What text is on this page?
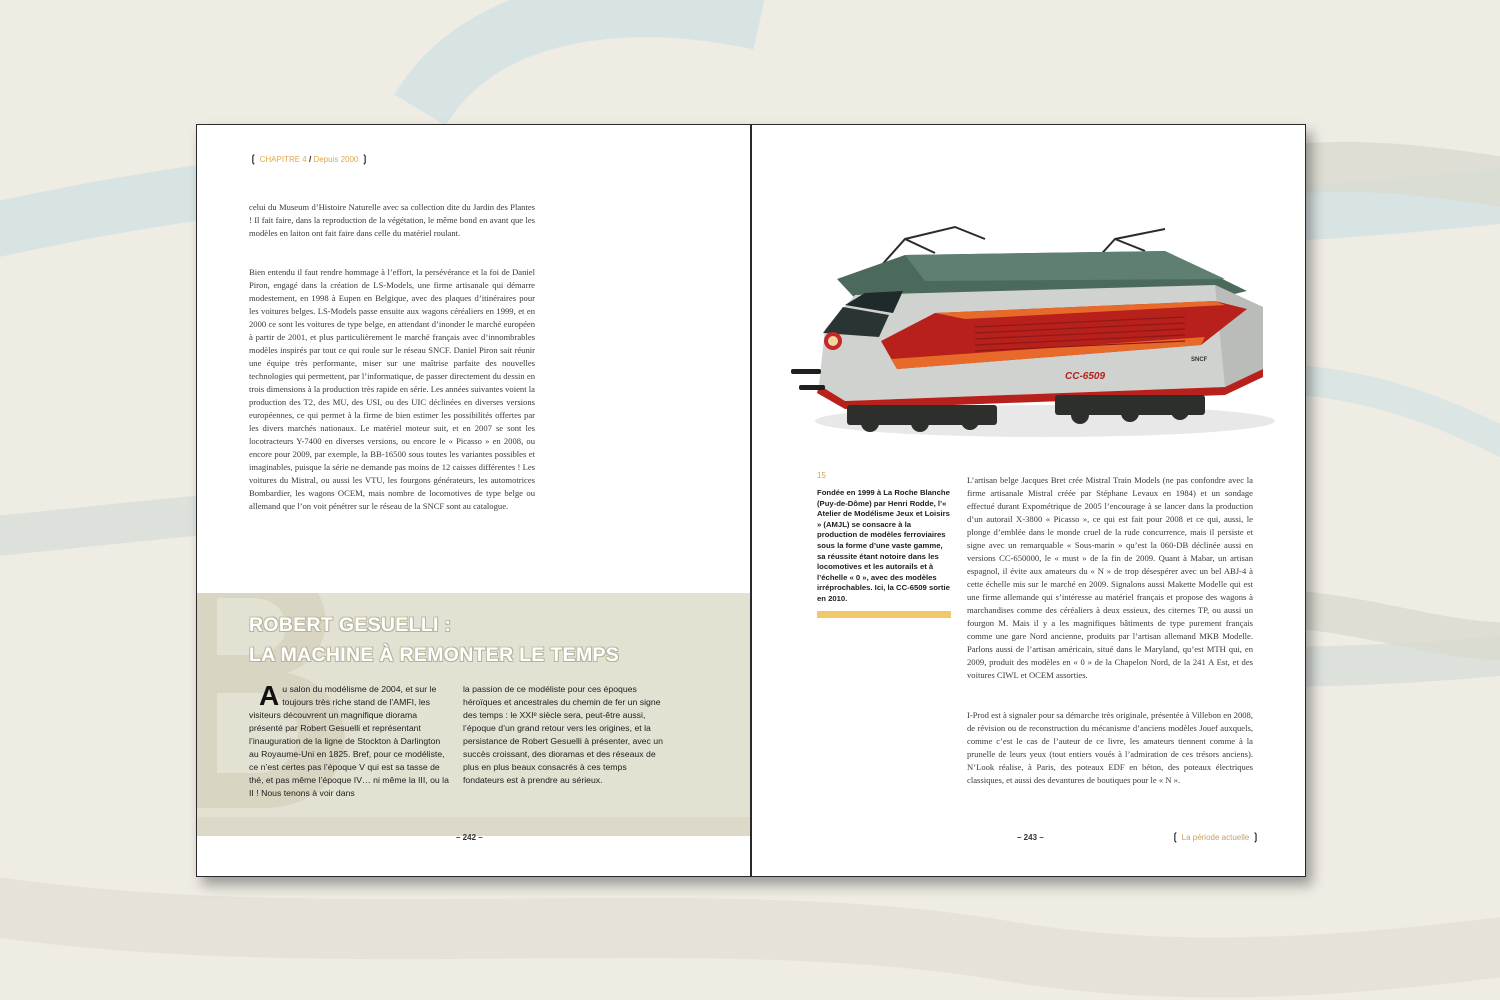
❲ CHAPITRE 4 / Depuis 2000 ❳

celui du Museum d’Histoire Naturelle avec sa collection dite du Jardin des Plantes ! Il fait faire, dans la reproduction de la végétation, le même bond en avant que les modèles en laiton ont fait faire dans celle du matériel roulant.

Bien entendu il faut rendre hommage à l’effort, la persévérance et la foi de Daniel Piron, engagé dans la création de LS-Models, une firme artisanale qui démarre modestement, en 1998 à Eupen en Belgique, avec des plaques d’itinéraires pour les voitures belges. LS-Models passe ensuite aux wagons céréaliers en 1999, et en 2000 ce sont les voitures de type belge, en attendant d’inonder le marché européen à partir de 2001, et plus particulièrement le marché français avec d’innombrables modèles inspirés par tout ce qui roule sur le réseau SNCF. Daniel Piron sait réunir une équipe très performante, miser sur une maîtrise parfaite des nouvelles technologies qui permettent, par l’informatique, de passer directement du dessin en trois dimensions à la production très rapide en série. Les années suivantes voient la production des T2, des MU, des USI, ou des UIC déclinées en diverses versions européennes, ce qui permet à la firme de bien estimer les possibilités offertes par les divers marchés nationaux. Le matériel moteur suit, et en 2007 se sont les locotracteurs Y-7400 en diverses versions, ou encore le « Picasso » en 2008, ou encore pour 2009, par exemple, la BB-16500 sous toutes les variantes possibles et imaginables, puisque la série ne demande pas moins de 12 caisses différentes ! Les voitures du Mistral, ou aussi les VTU, les fourgons générateurs, les automotrices Bombardier, les wagons OCEM, mais nombre de locomotives de type belge ou allemand que l’on voit pénétrer sur le réseau de la SNCF sont au catalogue.

ROBERT GESUELLI :
LA MACHINE À REMONTER LE TEMPS

Au salon du modélisme de 2004, et sur le toujours très riche stand de l’AMFI, les visiteurs découvrent un magnifique diorama présenté par Robert Gesuelli et représentant l’inauguration de la ligne de Stockton à Darlington au Royaume-Uni en 1825. Bref, pour ce modéliste, ce n’est certes pas l’époque V qui est sa tasse de thé, et pas même l’époque IV… ni même la III, ou la II ! Nous tenons à voir dans

la passion de ce modéliste pour ces époques héroïques et ancestrales du chemin de fer un signe des temps : le XXIᵉ siècle sera, peut-être aussi, l’époque d’un grand retour vers les origines, et la persistance de Robert Gesuelli à présenter, avec un succès croissant, des dioramas et des réseaux de plus en plus beaux consacrés à ces temps fondateurs est à prendre au sérieux.

– 242 –
CC-6509
SNCF
15

Fondée en 1999 à La Roche Blanche (Puy-de-Dôme) par Henri Rodde, l’« Atelier de Modélisme Jeux et Loisirs » (AMJL) se consacre à la production de modèles ferroviaires sous la forme d’une vaste gamme, sa réussite étant notoire dans les locomotives et les autorails et à l’échelle « 0 », avec des modèles irréprochables. Ici, la CC-6509 sortie en 2010.

L’artisan belge Jacques Bret crée Mistral Train Models (ne pas confondre avec la firme artisanale Mistral créée par Stéphane Levaux en 1984) et un sondage effectué durant Expométrique de 2005 l’encourage à se lancer dans la production d’un autorail X-3800 « Picasso », ce qui est fait pour 2008 et ce qui, aussi, le plonge d’emblée dans le monde cruel de la rude concurrence, mais il persiste et signe avec un remarquable « Sous-marin » qu’est la 060-DB déclinée aussi en versions CC-650000, le « must » de la fin de 2009. Quant à Mabar, un artisan espagnol, il évite aux amateurs du « N » de trop désespérer avec un bel ABJ-4 à cette échelle mis sur le marché en 2009. Signalons aussi Makette Modelle qui est une firme allemande qui s’intéresse au matériel français et propose des wagons à marchandises comme des céréaliers à deux essieux, des citernes TP, ou aussi un fourgon M. Mais il y a les magnifiques bâtiments de type purement français comme une gare Nord ancienne, produits par l’artisan allemand MKB Modelle. Parlons aussi de l’artisan américain, situé dans le Maryland, qu’est MTH qui, en 2009, produit des modèles en « 0 » de la Chapelon Nord, de la 241 A Est, et des voitures CIWL et OCEM assorties.

I-Prod est à signaler pour sa démarche très originale, présentée à Villebon en 2008, de révision ou de reconstruction du mécanisme d’anciens modèles Jouef auxquels, comme c’est le cas de l’auteur de ce livre, les amateurs tiennent comme à la prunelle de leurs yeux (tout entiers voués à l’admiration de ces trésors anciens). N’Look réalise, à Paris, des poteaux EDF en béton, des poteaux électriques classiques, et aussi des devantures de boutiques pour le « N ».

– 243 –	❲ La période actuelle ❳
